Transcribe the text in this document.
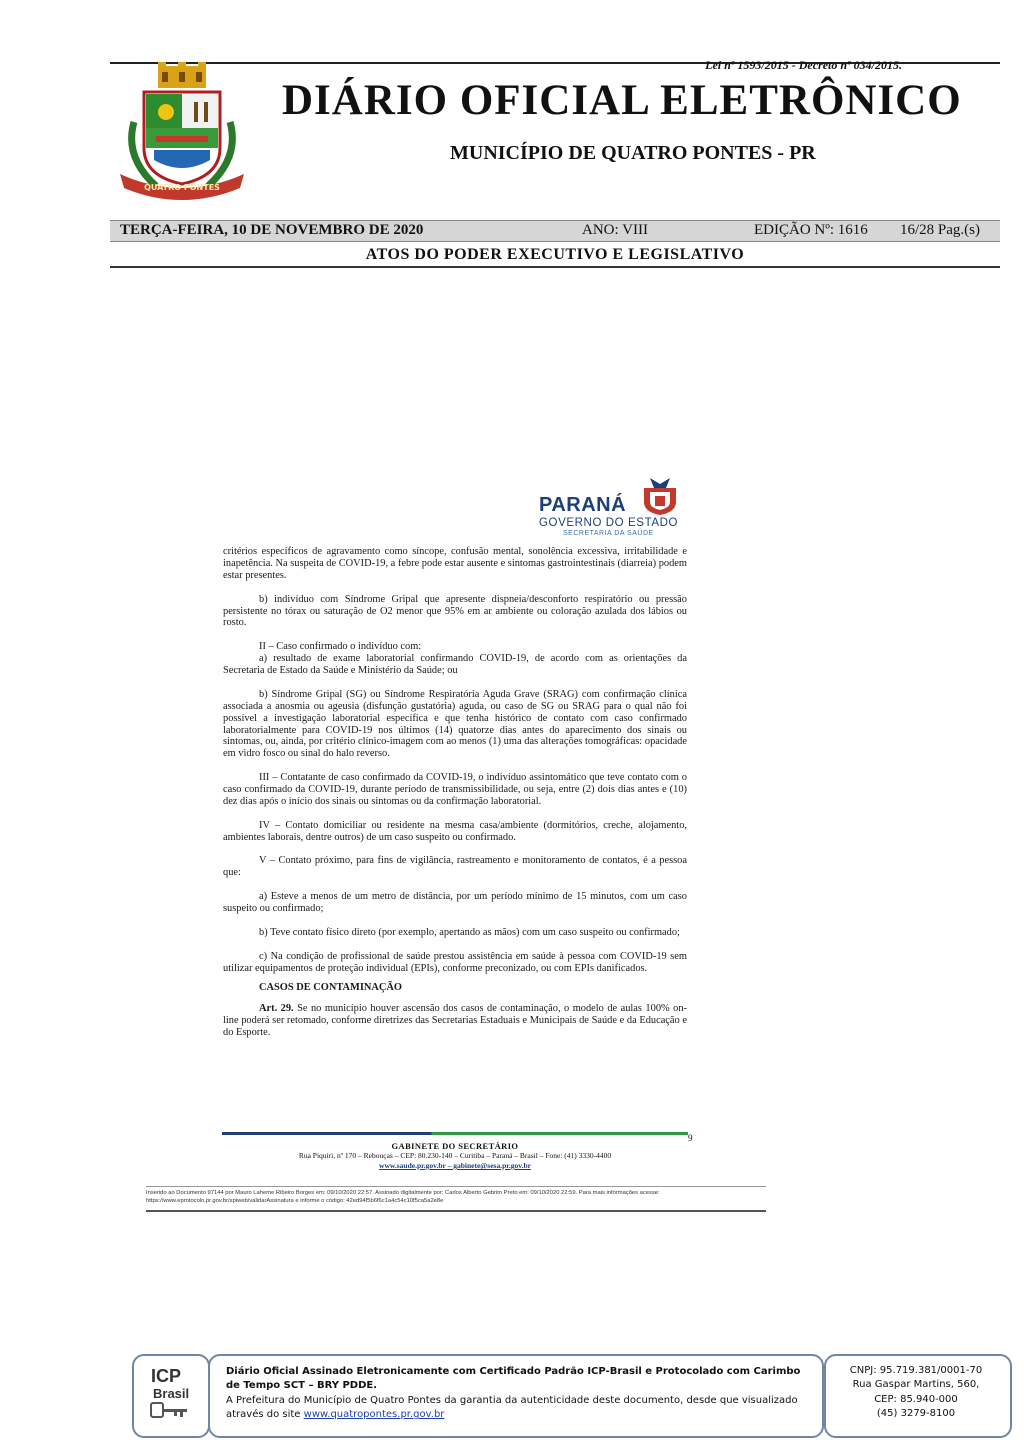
Lei nº 1593/2015 - Decreto nº 034/2015.
QUATRO PONTES
DIÁRIO OFICIAL ELETRÔNICO
MUNICÍPIO DE QUATRO PONTES - PR
TERÇA-FEIRA, 10 DE NOVEMBRO DE 2020	ANO: VIII	EDIÇÃO Nº: 1616 16/28 Pag.(s)
ATOS DO PODER EXECUTIVO E LEGISLATIVO
PARANÁ
GOVERNO DO ESTADO
SECRETARIA DA SAÚDE

critérios específicos de agravamento como síncope, confusão mental, sonolência excessiva, irritabilidade e inapetência. Na suspeita de COVID-19, a febre pode estar ausente e sintomas gastrointestinais (diarreia) podem estar presentes.

b) indivíduo com Síndrome Gripal que apresente dispneia/desconforto respiratório ou pressão persistente no tórax ou saturação de O2 menor que 95% em ar ambiente ou coloração azulada dos lábios ou rosto.

II – Caso confirmado o indivíduo com:

a) resultado de exame laboratorial confirmando COVID-19, de acordo com as orientações da Secretaria de Estado da Saúde e Ministério da Saúde; ou

b) Síndrome Gripal (SG) ou Síndrome Respiratória Aguda Grave (SRAG) com confirmação clínica associada a anosmia ou ageusia (disfunção gustatória) aguda, ou caso de SG ou SRAG para o qual não foi possível a investigação laboratorial específica e que tenha histórico de contato com caso confirmado laboratorialmente para COVID-19 nos últimos (14) quatorze dias antes do aparecimento dos sinais ou sintomas, ou, ainda, por critério clínico-imagem com ao menos (1) uma das alterações tomográficas: opacidade em vidro fosco ou sinal do halo reverso.

III – Contatante de caso confirmado da COVID-19, o indivíduo assintomático que teve contato com o caso confirmado da COVID-19, durante período de transmissibilidade, ou seja, entre (2) dois dias antes e (10) dez dias após o início dos sinais ou sintomas ou da confirmação laboratorial.

IV – Contato domiciliar ou residente na mesma casa/ambiente (dormitórios, creche, alojamento, ambientes laborais, dentre outros) de um caso suspeito ou confirmado.

V – Contato próximo, para fins de vigilância, rastreamento e monitoramento de contatos, é a pessoa que:

a) Esteve a menos de um metro de distância, por um período mínimo de 15 minutos, com um caso suspeito ou confirmado;

b) Teve contato físico direto (por exemplo, apertando as mãos) com um caso suspeito ou confirmado;

c) Na condição de profissional de saúde prestou assistência em saúde à pessoa com COVID-19 sem utilizar equipamentos de proteção individual (EPIs), conforme preconizado, ou com EPIs danificados.

CASOS DE CONTAMINAÇÃO

Art. 29. Se no município houver ascensão dos casos de contaminação, o modelo de aulas 100% on-line poderá ser retomado, conforme diretrizes das Secretarias Estaduais e Municipais de Saúde e da Educação e do Esporte.

9
GABINETE DO SECRETÁRIO
Rua Piquiri, nº 170 – Rebouças – CEP: 80.230-140 – Curitiba – Paraná – Brasil – Fone: (41) 3330-4400
www.saude.pr.gov.br – gabinete@sesa.pr.gov.br
Inserido ao Documento 97144 por Mauro Laheme Ribeiro Borges em: 09/10/2020 22:57. Assinado digitalmente por: Carlos Alberto Gebrim Preto em: 09/10/2020 22:59. Para mais informações acesse: https://www.eprotocolo.pr.gov.br/spiweb/validarAssinatura e informe o código: 42ed94f5b6f6c1a4c54c10f5ca5a2e8e
ICP
Brasil
Diário Oficial Assinado Eletronicamente com Certificado Padrão ICP-Brasil e Protocolado com Carimbo de Tempo SCT – BRY PDDE.
A Prefeitura do Município de Quatro Pontes da garantia da autenticidade deste documento, desde que visualizado através do site www.quatropontes.pr.gov.br
CNPJ: 95.719.381/0001-70
Rua Gaspar Martins, 560,
CEP: 85.940-000
(45) 3279-8100
